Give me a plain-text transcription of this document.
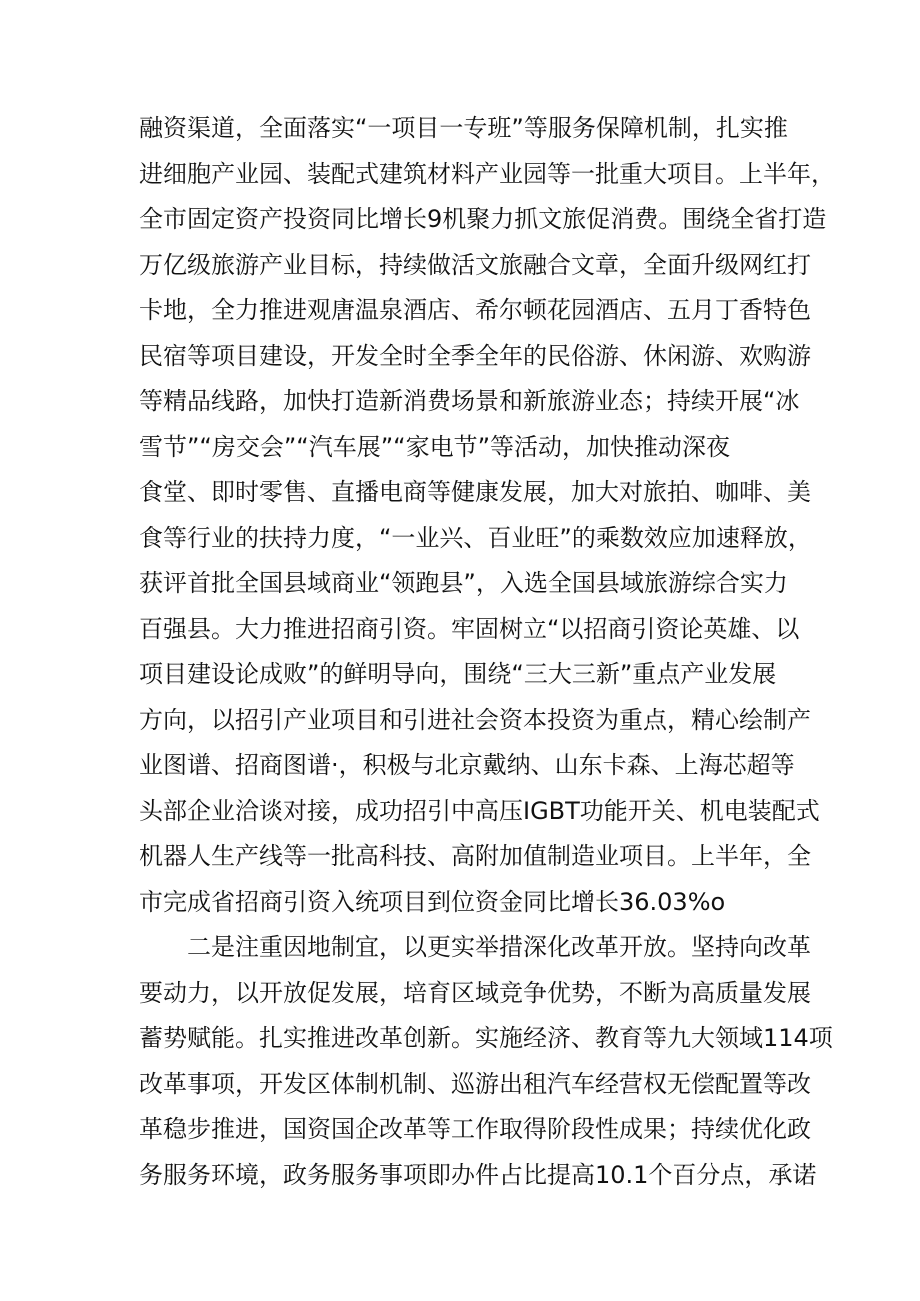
融资渠道，全面落实“一项目一专班”等服务保障机制，扎实推
进细胞产业园、装配式建筑材料产业园等一批重大项目。上半年，
全市固定资产投资同比增长9机聚力抓文旅促消费。围绕全省打造
万亿级旅游产业目标，持续做活文旅融合文章，全面升级网红打
卡地，全力推进观唐温泉酒店、希尔顿花园酒店、五月丁香特色
民宿等项目建设，开发全时全季全年的民俗游、休闲游、欢购游
等精品线路，加快打造新消费场景和新旅游业态；持续开展“冰
雪节”“房交会”“汽车展”“家电节”等活动，加快推动深夜
食堂、即时零售、直播电商等健康发展，加大对旅拍、咖啡、美
食等行业的扶持力度，“一业兴、百业旺”的乘数效应加速释放，
获评首批全国县域商业“领跑县”，入选全国县域旅游综合实力
百强县。大力推进招商引资。牢固树立“以招商引资论英雄、以
项目建设论成败”的鲜明导向，围绕“三大三新”重点产业发展
方向，以招引产业项目和引进社会资本投资为重点，精心绘制产
业图谱、招商图谱·，积极与北京戴纳、山东卡森、上海芯超等
头部企业洽谈对接，成功招引中高压IGBT功能开关、机电装配式
机器人生产线等一批高科技、高附加值制造业项目。上半年，全
市完成省招商引资入统项目到位资金同比增长36.03%o
二是注重因地制宜，以更实举措深化改革开放。坚持向改革
要动力，以开放促发展，培育区域竞争优势，不断为高质量发展
蓄势赋能。扎实推进改革创新。实施经济、教育等九大领域114项
改革事项，开发区体制机制、巡游出租汽车经营权无偿配置等改
革稳步推进，国资国企改革等工作取得阶段性成果；持续优化政
务服务环境，政务服务事项即办件占比提高10.1个百分点，承诺
